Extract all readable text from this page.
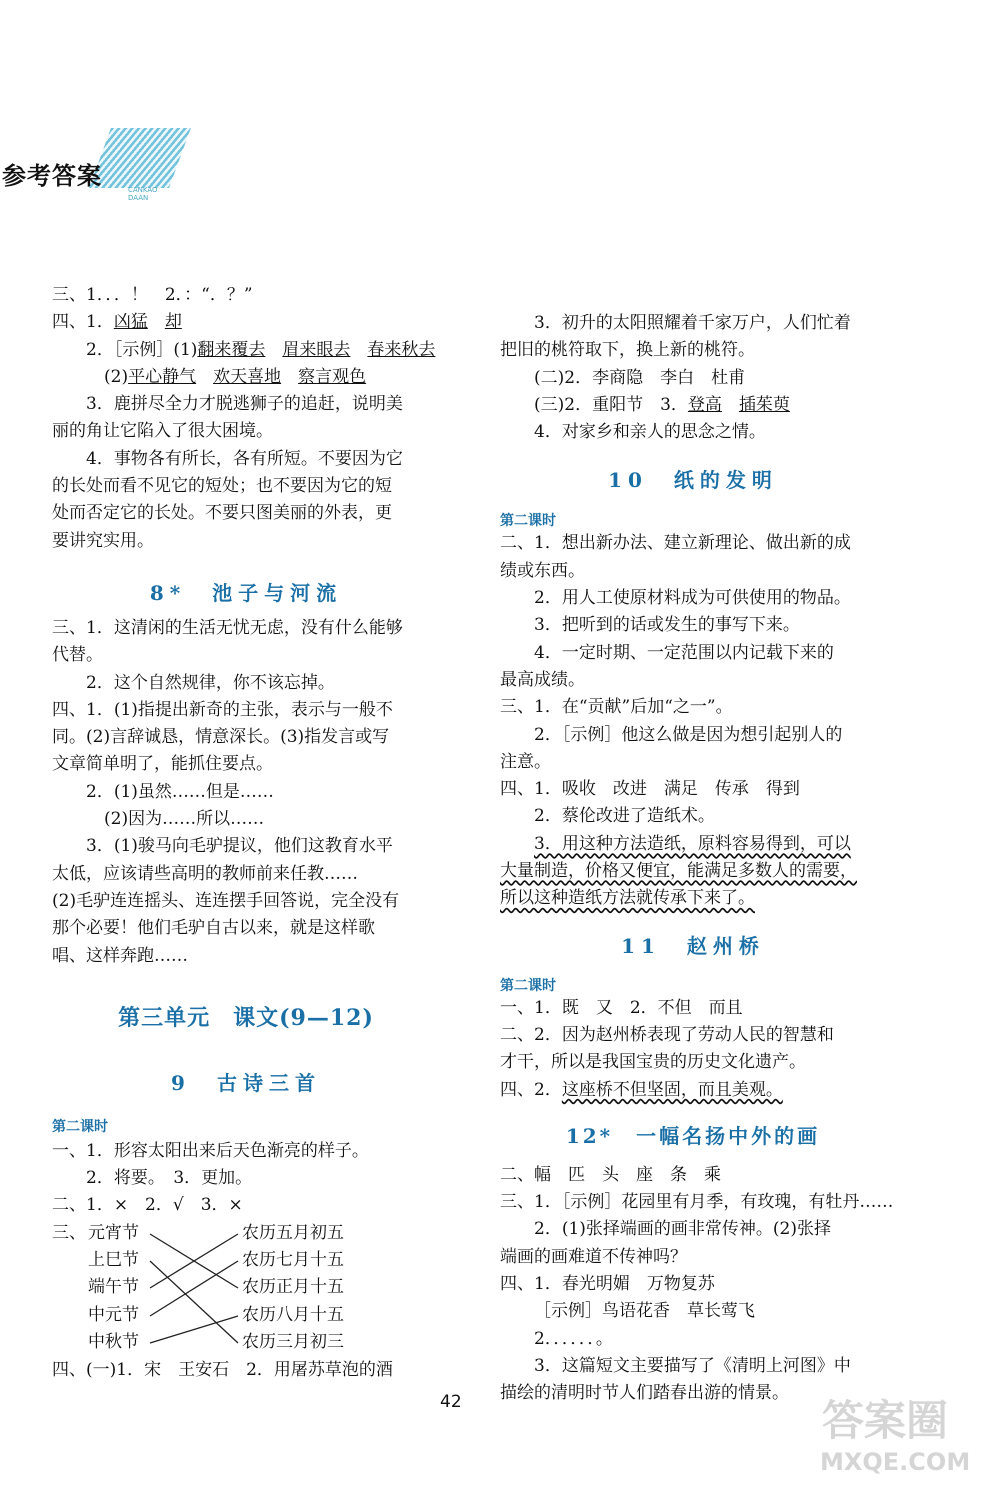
参考答案	CANKAO DAAN
三、1．．．！　2．：“．？”
四、1．凶猛　 却
2．［示例］(1)翻来覆去　 眉来眼去　 春来秋去
(2)平心静气　 欢天喜地　 察言观色
3．鹿拼尽全力才脱逃狮子的追赶，说明美
丽的角让它陷入了很大困境。
4．事物各有所长，各有所短。不要因为它
的长处而看不见它的短处；也不要因为它的短
处而否定它的长处。不要只图美丽的外表，更
要讲究实用。
8*　池子与河流
三、1．这清闲的生活无忧无虑，没有什么能够
代替。
2．这个自然规律，你不该忘掉。
四、1．(1)指提出新奇的主张，表示与一般不
同。(2)言辞诚恳，情意深长。(3)指发言或写
文章简单明了，能抓住要点。
2．(1)虽然……但是……
(2)因为……所以……
3．(1)骏马向毛驴提议，他们这教育水平
太低，应该请些高明的教师前来任教……
(2)毛驴连连摇头、连连摆手回答说，完全没有
那个必要！他们毛驴自古以来，就是这样歌
唱、这样奔跑……
第三单元　课文(9—12)
9　古诗三首
第二课时
一、1．形容太阳出来后天色渐亮的样子。
2．将要。　3．更加。
二、1．×　2．√　3．×
三、 元宵节
上巳节
端午节
中元节
中秋节
农历五月初五
农历七月十五
农历正月十五
农历八月十五
农历三月初三
四、(一)1．宋　王安石　2．用屠苏草泡的酒
3．初升的太阳照耀着千家万户，人们忙着
把旧的桃符取下，换上新的桃符。
(二)2．李商隐　李白　杜甫
(三)2．重阳节　3．登高　 插茱萸
4．对家乡和亲人的思念之情。
10　纸的发明
第二课时
二、1．想出新办法、建立新理论、做出新的成
绩或东西。
2．用人工使原材料成为可供使用的物品。
3．把听到的话或发生的事写下来。
4．一定时期、一定范围以内记载下来的
最高成绩。
三、1．在“贡献”后加“之一”。
2．［示例］他这么做是因为想引起别人的
注意。
四、1．吸收　改进　满足　传承　得到
2．蔡伦改进了造纸术。
3．用这种方法造纸，原料容易得到，可以
大量制造，价格又便宜，能满足多数人的需要，
所以这种造纸方法就传承下来了。
11　赵州桥
第二课时
一、1．既　又　2．不但　而且
二、2．因为赵州桥表现了劳动人民的智慧和
才干，所以是我国宝贵的历史文化遗产。
四、2．这座桥不但坚固，而且美观。
12*　一幅名扬中外的画
二、幅　匹　头　座　条　乘
三、1．［示例］花园里有月季，有玫瑰，有牡丹……
2．(1)张择端画的画非常传神。(2)张择
端画的画难道不传神吗？
四、1．春光明媚　万物复苏
［示例］鸟语花香　草长莺飞
2．．．．．．。
3．这篇短文主要描写了《清明上河图》中
描绘的清明时节人们踏春出游的情景。
42	答案圈
MXQE.COM
